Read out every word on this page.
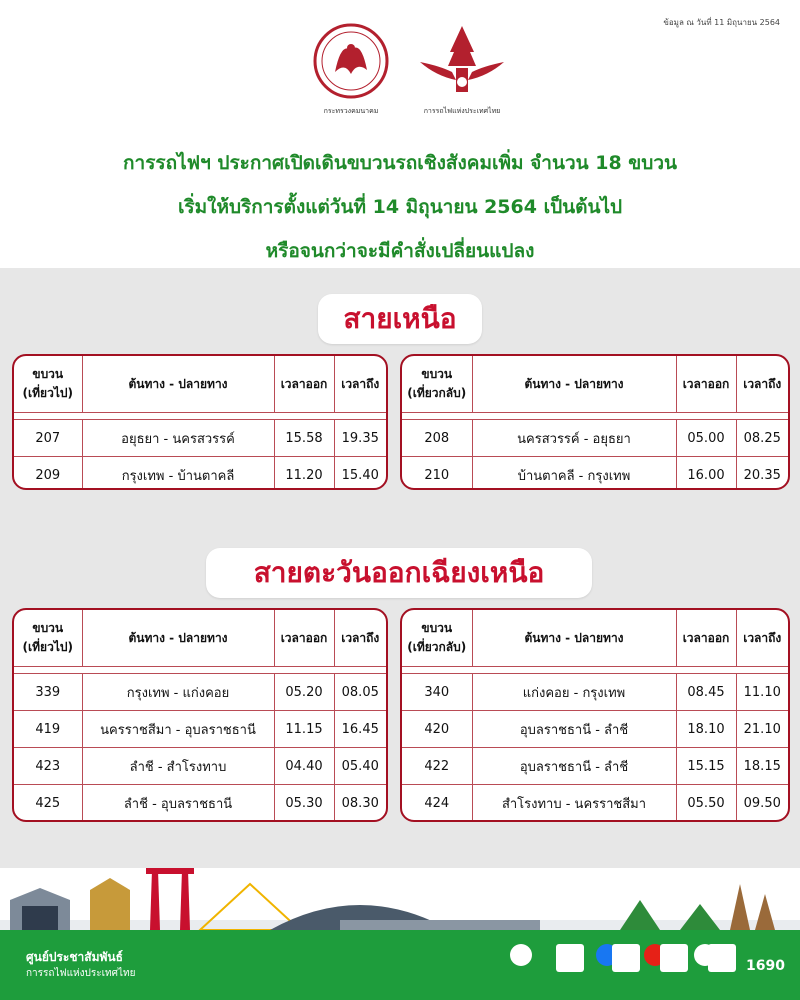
ข้อมูล ณ วันที่ 11 มิถุนายน 2564
กระทรวงคมนาคม	การรถไฟแห่งประเทศไทย
การรถไฟฯ ประกาศเปิดเดินขบวนรถเชิงสังคมเพิ่ม จำนวน 18 ขบวน
เริ่มให้บริการตั้งแต่วันที่ 14 มิถุนายน 2564 เป็นต้นไป
หรือจนกว่าจะมีคำสั่งเปลี่ยนแปลง
สายเหนือ
ขบวน
(เที่ยวไป)	ต้นทาง - ปลายทาง	เวลาออก	เวลาถึง

207	อยุธยา - นครสวรรค์	15.58	19.35
209	กรุงเทพ - บ้านตาคลี	11.20	15.40
ขบวน
(เที่ยวกลับ)	ต้นทาง - ปลายทาง	เวลาออก	เวลาถึง

208	นครสวรรค์ - อยุธยา	05.00	08.25
210	บ้านตาคลี - กรุงเทพ	16.00	20.35
สายตะวันออกเฉียงเหนือ
ขบวน
(เที่ยวไป)	ต้นทาง - ปลายทาง	เวลาออก	เวลาถึง

339	กรุงเทพ - แก่งคอย	05.20	08.05
419	นครราชสีมา - อุบลราชธานี	11.15	16.45
423	ลำชี - สำโรงทาบ	04.40	05.40
425	ลำชี - อุบลราชธานี	05.30	08.30
ขบวน
(เที่ยวกลับ)	ต้นทาง - ปลายทาง	เวลาออก	เวลาถึง

340	แก่งคอย - กรุงเทพ	08.45	11.10
420	อุบลราชธานี - ลำชี	18.10	21.10
422	อุบลราชธานี - ลำชี	15.15	18.15
424	สำโรงทาบ - นครราชสีมา	05.50	09.50
ศูนย์ประชาสัมพันธ์
การรถไฟแห่งประเทศไทย	1690
